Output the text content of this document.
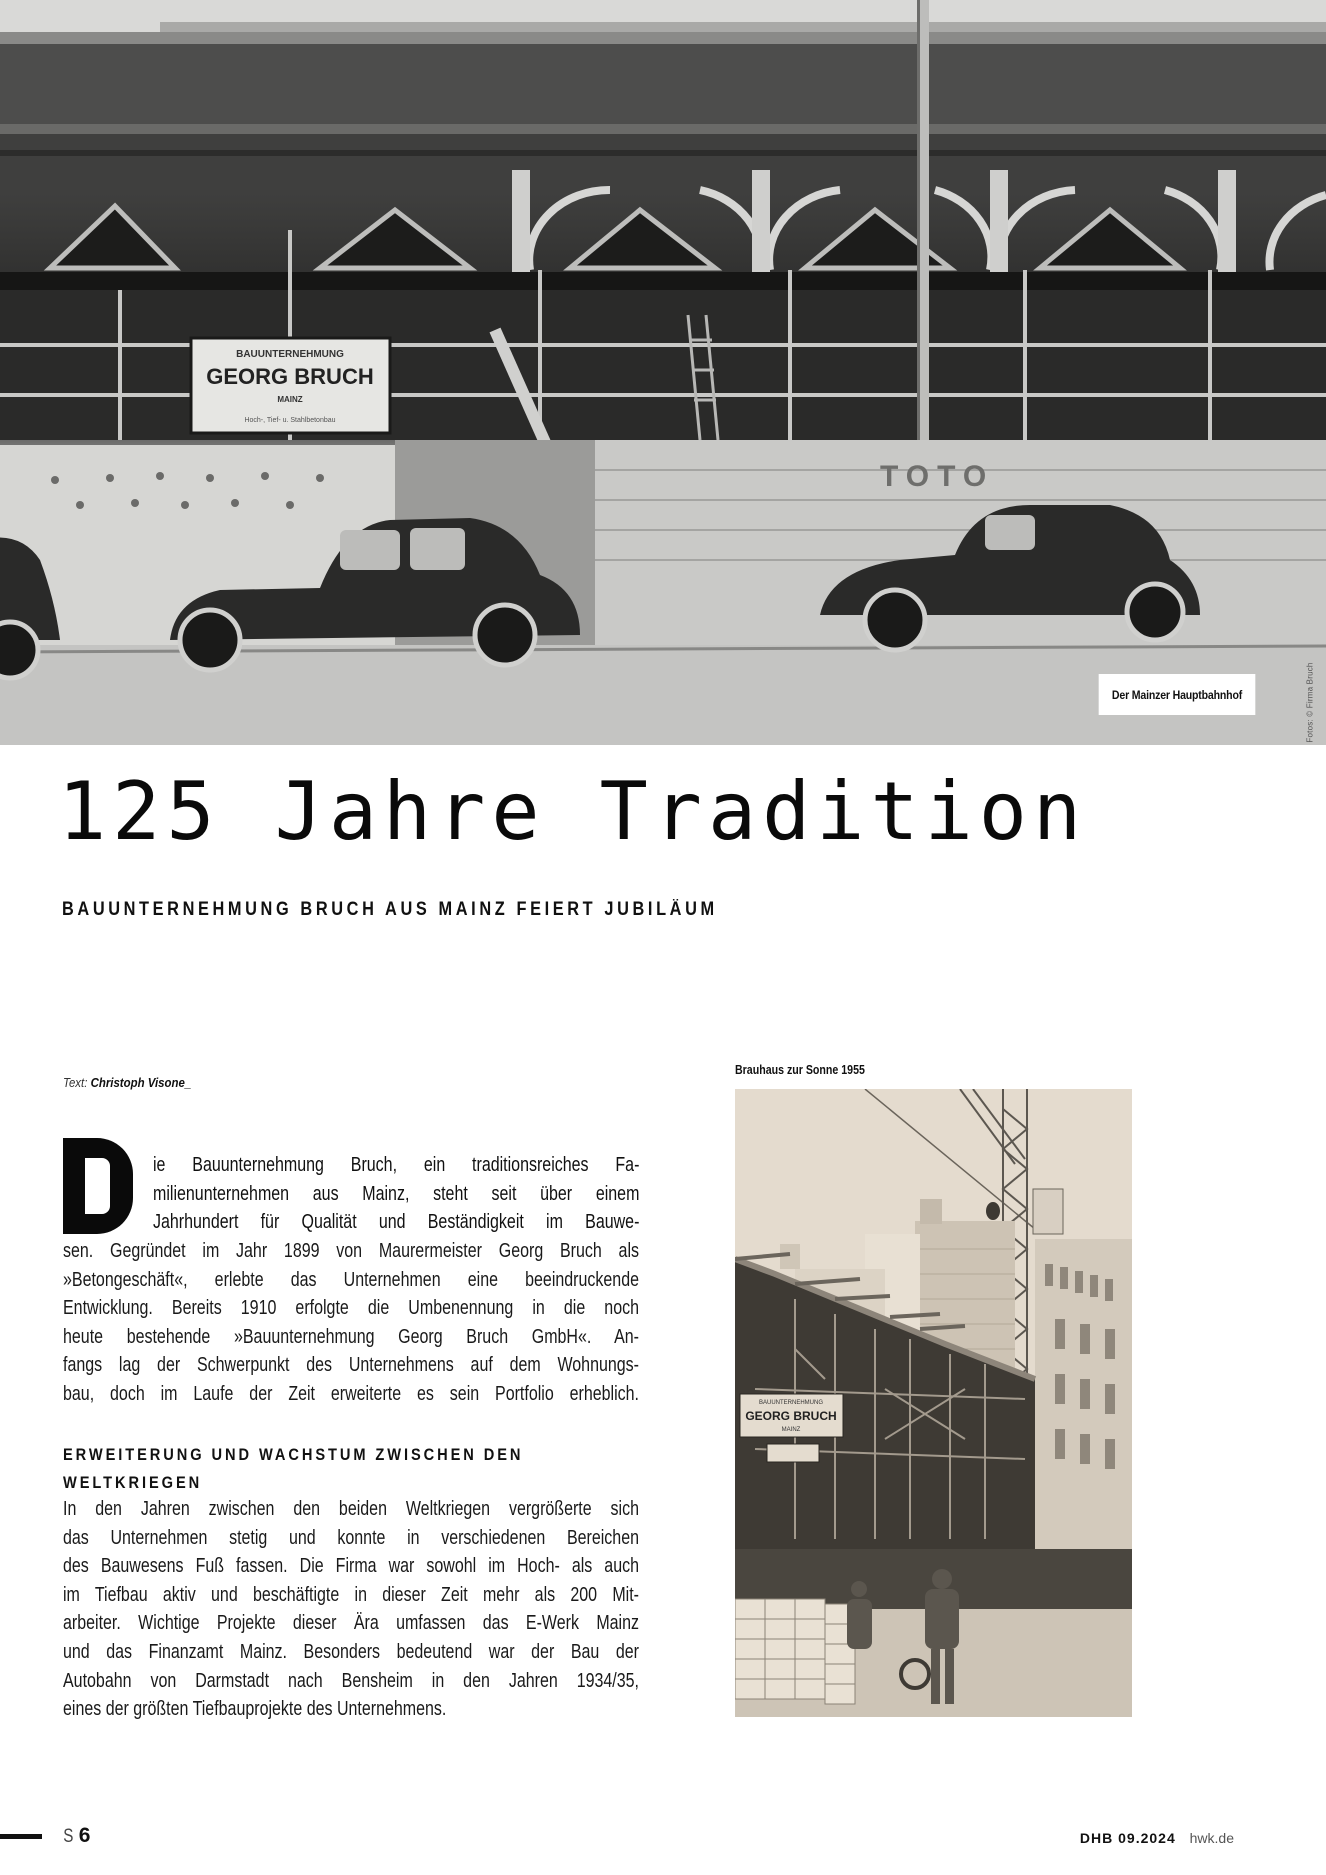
TOTO
BAUUNTERNEHMUNG
GEORG BRUCH
MAINZ
Hoch-, Tief- u. Stahlbetonbau
Der Mainzer Hauptbahnhof	Fotos: © Firma Bruch
125 Jahre Tradition
BAUUNTERNEHMUNG BRUCH AUS MAINZ FEIERT JUBILÄUM
Text: Christoph Visone_
ie Bauunternehmung Bruch, ein traditionsreiches Fa-
milienunternehmen aus Mainz, steht seit über einem
Jahrhundert für Qualität und Beständigkeit im Bauwe-
sen. Gegründet im Jahr 1899 von Maurermeister Georg Bruch als
»Betongeschäft«, erlebte das Unternehmen eine beeindruckende
Entwicklung. Bereits 1910 erfolgte die Umbenennung in die noch
heute bestehende »Bauunternehmung Georg Bruch GmbH«. An-
fangs lag der Schwerpunkt des Unternehmens auf dem Wohnungs-
bau, doch im Laufe der Zeit erweiterte es sein Portfolio erheblich.
ERWEITERUNG UND WACHSTUM ZWISCHEN DEN WELTKRIEGEN
In den Jahren zwischen den beiden Weltkriegen vergrößerte sich
das Unternehmen stetig und konnte in verschiedenen Bereichen
des Bauwesens Fuß fassen. Die Firma war sowohl im Hoch- als auch
im Tiefbau aktiv und beschäftigte in dieser Zeit mehr als 200 Mit-
arbeiter. Wichtige Projekte dieser Ära umfassen das E-Werk Mainz
und das Finanzamt Mainz. Besonders bedeutend war der Bau der
Autobahn von Darmstadt nach Bensheim in den Jahren 1934/35,
eines der größten Tiefbauprojekte des Unternehmens.
Brauhaus zur Sonne 1955
BAUUNTERNEHMUNG
GEORG BRUCH
MAINZ
S 6	DHB 09.2024 hwk.de
